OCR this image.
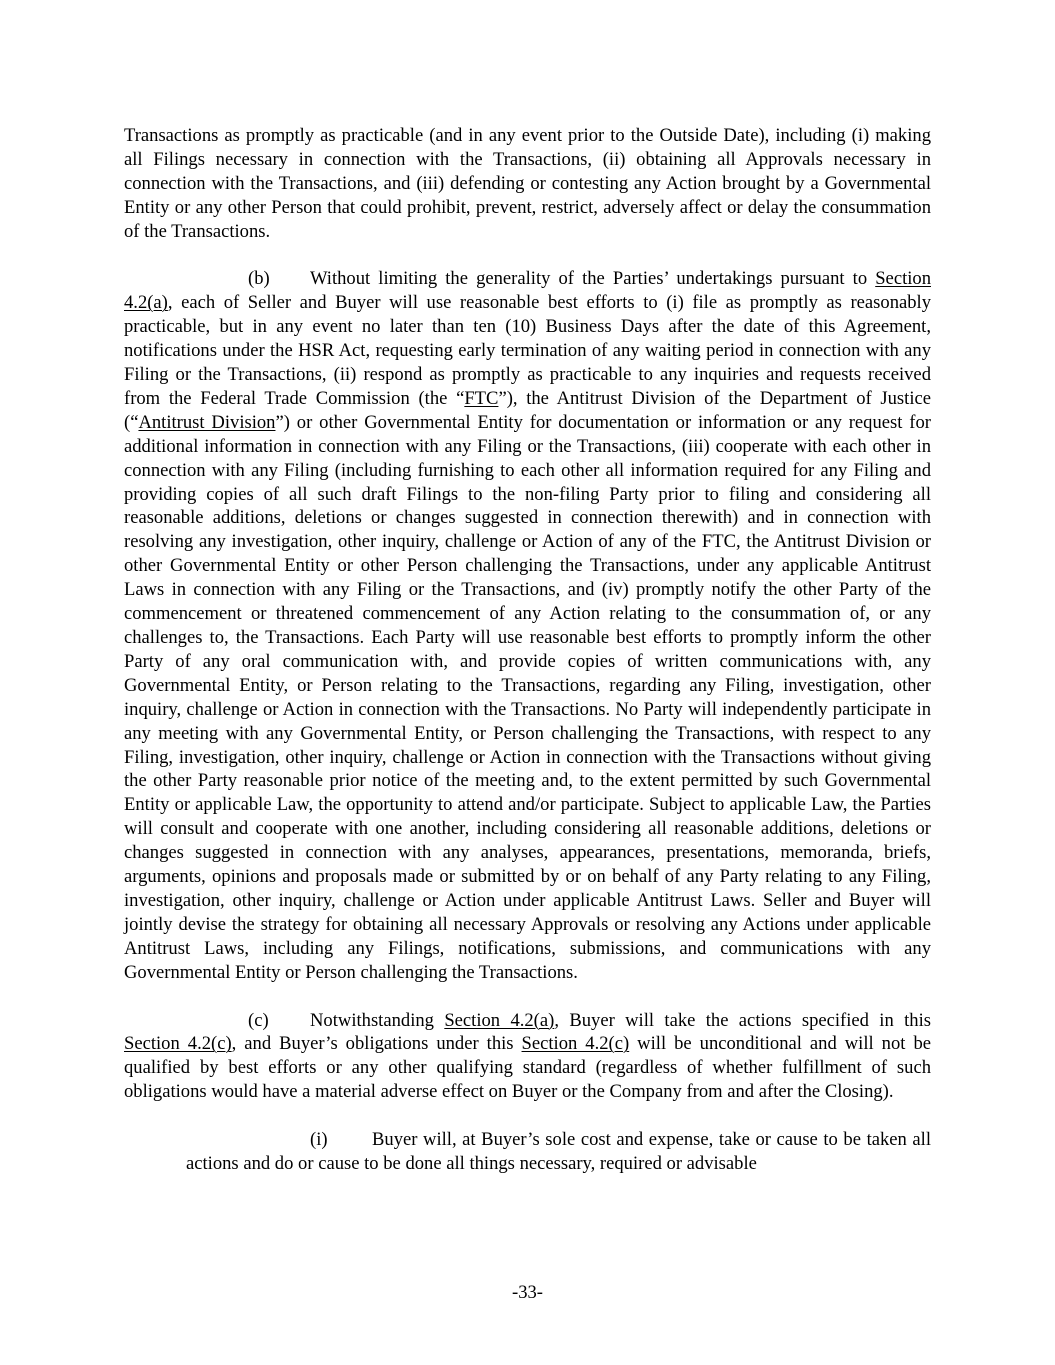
Transactions as promptly as practicable (and in any event prior to the Outside Date), including (i) making all Filings necessary in connection with the Transactions, (ii) obtaining all Approvals necessary in connection with the Transactions, and (iii) defending or contesting any Action brought by a Governmental Entity or any other Person that could prohibit, prevent, restrict, adversely affect or delay the consummation of the Transactions.

(b) Without limiting the generality of the Parties’ undertakings pursuant to Section 4.2(a), each of Seller and Buyer will use reasonable best efforts to (i) file as promptly as reasonably practicable, but in any event no later than ten (10) Business Days after the date of this Agreement, notifications under the HSR Act, requesting early termination of any waiting period in connection with any Filing or the Transactions, (ii) respond as promptly as practicable to any inquiries and requests received from the Federal Trade Commission (the “FTC”), the Antitrust Division of the Department of Justice (“Antitrust Division”) or other Governmental Entity for documentation or information or any request for additional information in connection with any Filing or the Transactions, (iii) cooperate with each other in connection with any Filing (including furnishing to each other all information required for any Filing and providing copies of all such draft Filings to the non-filing Party prior to filing and considering all reasonable additions, deletions or changes suggested in connection therewith) and in connection with resolving any investigation, other inquiry, challenge or Action of any of the FTC, the Antitrust Division or other Governmental Entity or other Person challenging the Transactions, under any applicable Antitrust Laws in connection with any Filing or the Transactions, and (iv) promptly notify the other Party of the commencement or threatened commencement of any Action relating to the consummation of, or any challenges to, the Transactions. Each Party will use reasonable best efforts to promptly inform the other Party of any oral communication with, and provide copies of written communications with, any Governmental Entity, or Person relating to the Transactions, regarding any Filing, investigation, other inquiry, challenge or Action in connection with the Transactions. No Party will independently participate in any meeting with any Governmental Entity, or Person challenging the Transactions, with respect to any Filing, investigation, other inquiry, challenge or Action in connection with the Transactions without giving the other Party reasonable prior notice of the meeting and, to the extent permitted by such Governmental Entity or applicable Law, the opportunity to attend and/or participate. Subject to applicable Law, the Parties will consult and cooperate with one another, including considering all reasonable additions, deletions or changes suggested in connection with any analyses, appearances, presentations, memoranda, briefs, arguments, opinions and proposals made or submitted by or on behalf of any Party relating to any Filing, investigation, other inquiry, challenge or Action under applicable Antitrust Laws. Seller and Buyer will jointly devise the strategy for obtaining all necessary Approvals or resolving any Actions under applicable Antitrust Laws, including any Filings, notifications, submissions, and communications with any Governmental Entity or Person challenging the Transactions.

(c) Notwithstanding Section 4.2(a), Buyer will take the actions specified in this Section 4.2(c), and Buyer’s obligations under this Section 4.2(c) will be unconditional and will not be qualified by best efforts or any other qualifying standard (regardless of whether fulfillment of such obligations would have a material adverse effect on Buyer or the Company from and after the Closing).

(i) Buyer will, at Buyer’s sole cost and expense, take or cause to be taken all actions and do or cause to be done all things necessary, required or advisable

-33-
